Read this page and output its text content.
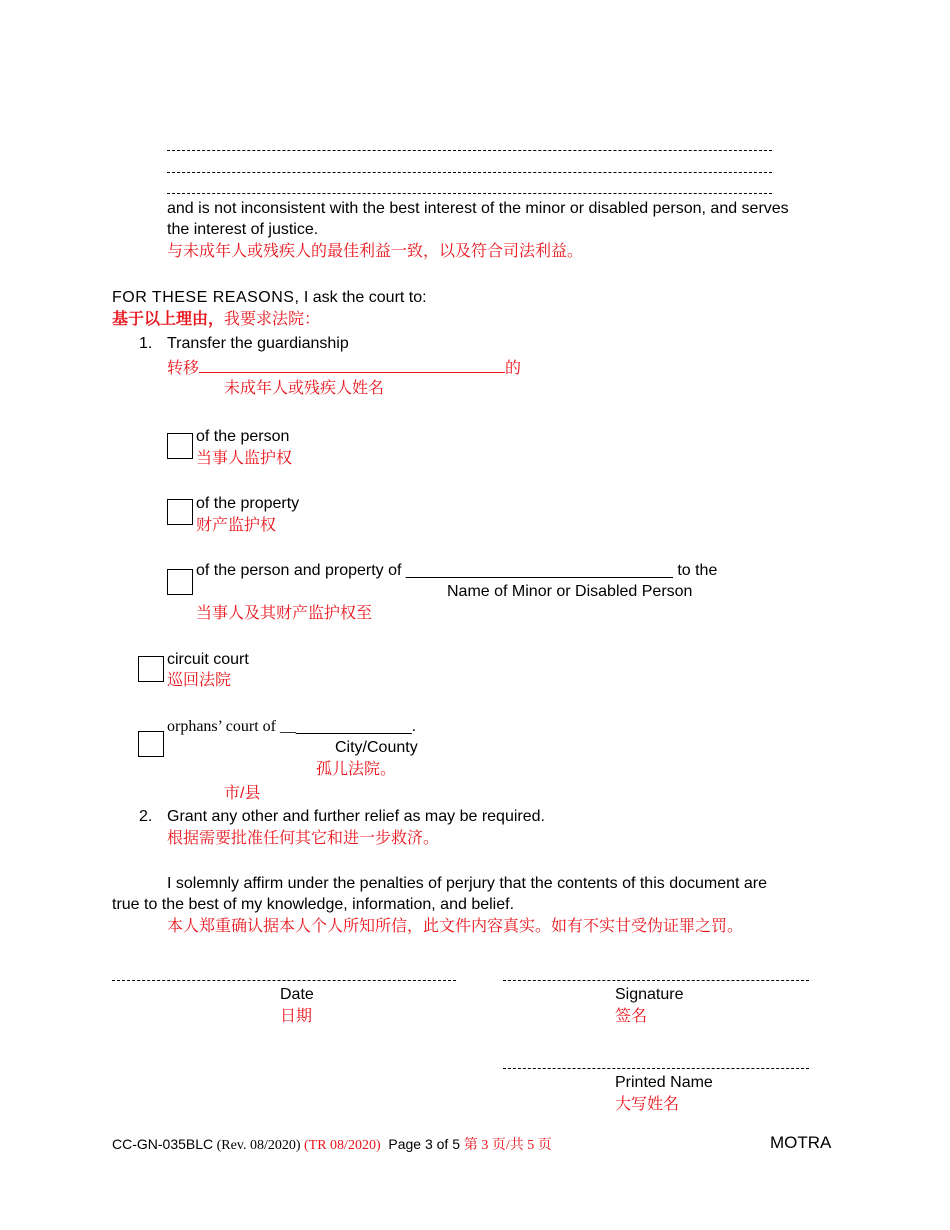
and is not inconsistent with the best interest of the minor or disabled person, and serves
the interest of justice.
与未成年人或残疾人的最佳利益一致，以及符合司法利益。
FOR THESE REASONS, I ask the court to:
基于以上理由，我要求法院：
1. Transfer the guardianship
转移	的
未成年人或残疾人姓名
of the person
当事人监护权
of the property
财产监护权
of the person and property of ______________________________ to the
Name of Minor or Disabled Person
当事人及其财产监护权至
circuit court
巡回法院
orphans’ court of _______________.
City/County
孤儿法院。
市/县
2. Grant any other and further relief as may be required.
根据需要批准任何其它和进一步救济。
I solemnly affirm under the penalties of perjury that the contents of this document are
true to the best of my knowledge, information, and belief.
本人郑重确认据本人个人所知所信，此文件内容真实。如有不实甘受伪证罪之罚。
Date
日期
Signature
签名
Printed Name
大写姓名
CC-GN-035BLC (Rev. 08/2020) (TR 08/2020)  Page 3 of 5 第 3 页/共 5 页	MOTRA
